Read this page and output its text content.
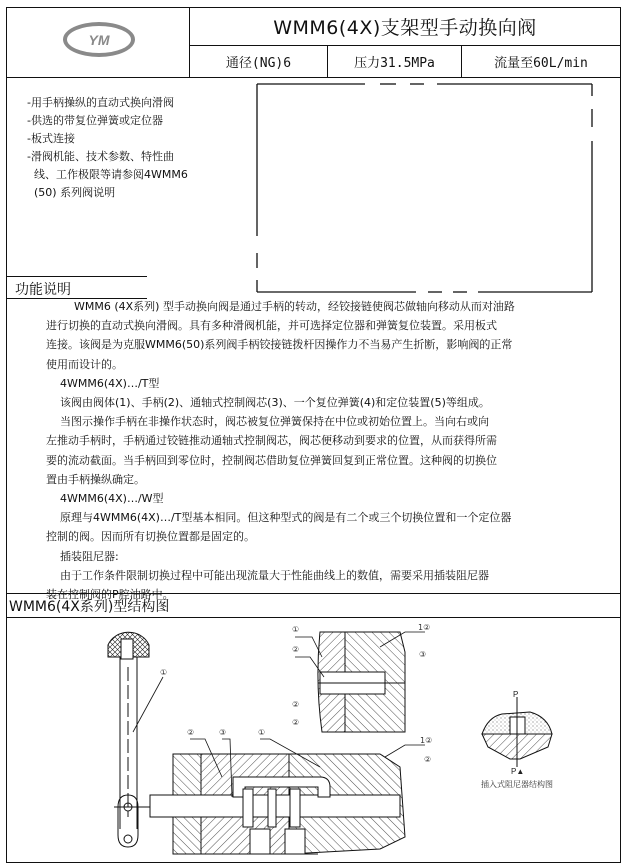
YM
WMM6(4X)支架型手动换向阀
通径(NG)6	压力31.5MPa	流量至60L/min
-用手柄操纵的直动式换向滑阀
-供选的带复位弹簧或定位器
-板式连接
-滑阀机能、技术参数、特性曲
线、工作极限等请参阅4WMM6
(50) 系列阀说明
功能说明
WMM6 (4X系列) 型手动换向阀是通过手柄的转动，经铰接链使阀芯做轴向移动从而对油路
进行切换的直动式换向滑阀。具有多种滑阀机能，并可选择定位器和弹簧复位装置。采用板式
连接。该阀是为克服WMM6(50)系列阀手柄铰接链拨杆因操作力不当易产生折断，影响阀的正常
使用而设计的。
4WMM6(4X)…/T型
该阀由阀体(1)、手柄(2)、通轴式控制阀芯(3)、一个复位弹簧(4)和定位装置(5)等组成。
当图示操作手柄在非操作状态时，阀芯被复位弹簧保持在中位或初始位置上。当向右或向
左推动手柄时，手柄通过铰链推动通轴式控制阀芯，阀芯便移动到要求的位置，从而获得所需
要的流动截面。当手柄回到零位时，控制阀芯借助复位弹簧回复到正常位置。这种阀的切换位
置由手柄操纵确定。
4WMM6(4X)…/W型
原理与4WMM6(4X)…/T型基本相同。但这种型式的阀是有二个或三个切换位置和一个定位器
控制的阀。因而所有切换位置都是固定的。
插装阻尼器:
由于工作条件限制切换过程中可能出现流量大于性能曲线上的数值，需要采用插装阻尼器
装在控制阀的P腔油路中。
WMM6(4X系列)型结构图
①
②
①
②	③	①
②
③
②
1②
1②
②
P
P▲
插入式阻尼器结构图
